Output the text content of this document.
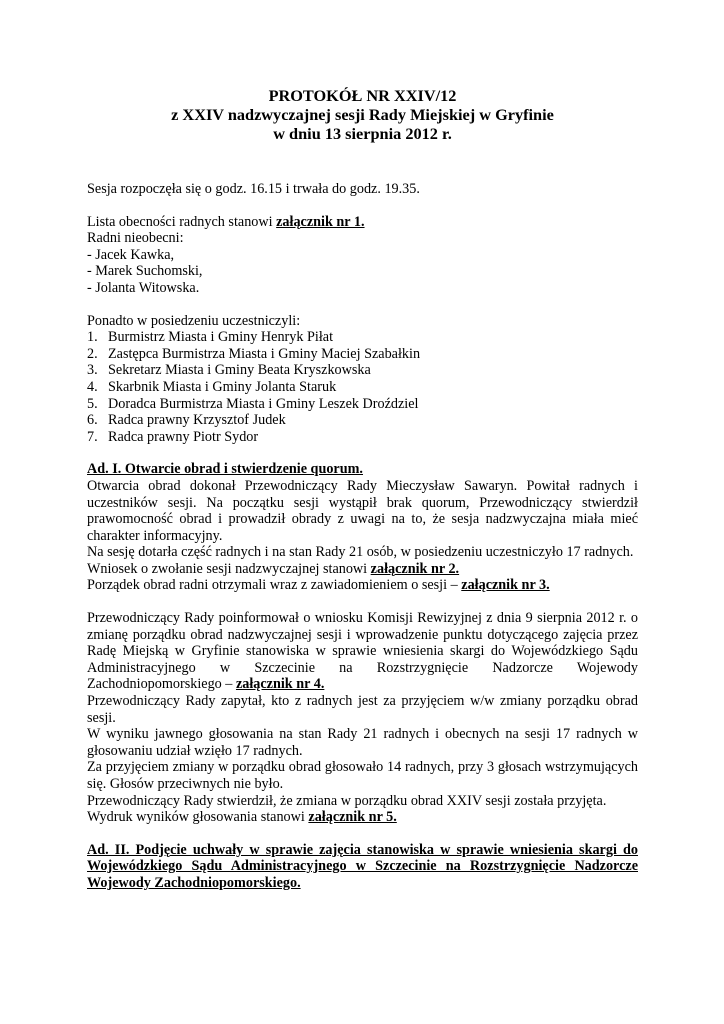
PROTOKÓŁ NR XXIV/12
z XXIV nadzwyczajnej sesji Rady Miejskiej w Gryfinie
w dniu 13 sierpnia 2012 r.

Sesja rozpoczęła się o godz. 16.15 i trwała do godz. 19.35.

Lista obecności radnych stanowi załącznik nr 1.

Radni nieobecni:

- Jacek Kawka,

- Marek Suchomski,

- Jolanta Witowska.

Ponadto w posiedzeniu uczestniczyli:

1. Burmistrz Miasta i Gminy Henryk Piłat
2. Zastępca Burmistrza Miasta i Gminy Maciej Szabałkin
3. Sekretarz Miasta i Gminy Beata Kryszkowska
4. Skarbnik Miasta i Gminy Jolanta Staruk
5. Doradca Burmistrza Miasta i Gminy Leszek Droździel
6. Radca prawny Krzysztof Judek
7. Radca prawny Piotr Sydor

Ad. I. Otwarcie obrad i stwierdzenie quorum.

Otwarcia obrad dokonał Przewodniczący Rady Mieczysław Sawaryn. Powitał radnych i uczestników sesji. Na początku sesji wystąpił brak quorum, Przewodniczący stwierdził prawomocność obrad i prowadził obrady z uwagi na to, że sesja nadzwyczajna miała mieć charakter informacyjny.

Na sesję dotarła część radnych i na stan Rady 21 osób, w posiedzeniu uczestniczyło 17 radnych.

Wniosek o zwołanie sesji nadzwyczajnej stanowi załącznik nr 2.

Porządek obrad radni otrzymali wraz z zawiadomieniem o sesji – załącznik nr 3.

Przewodniczący Rady poinformował o wniosku Komisji Rewizyjnej z dnia 9 sierpnia 2012 r. o zmianę porządku obrad nadzwyczajnej sesji i wprowadzenie punktu dotyczącego zajęcia przez Radę Miejską w Gryfinie stanowiska w sprawie wniesienia skargi do Wojewódzkiego Sądu Administracyjnego w Szczecinie na Rozstrzygnięcie Nadzorcze Wojewody Zachodniopomorskiego – załącznik nr 4.

Przewodniczący Rady zapytał, kto z radnych jest za przyjęciem w/w zmiany porządku obrad sesji.

W wyniku jawnego głosowania na stan Rady 21 radnych i obecnych na sesji 17 radnych w głosowaniu udział wzięło 17 radnych.

Za przyjęciem zmiany w porządku obrad głosowało 14 radnych, przy 3 głosach wstrzymujących się. Głosów przeciwnych nie było.

Przewodniczący Rady stwierdził, że zmiana w porządku obrad XXIV sesji została przyjęta.

Wydruk wyników głosowania stanowi załącznik nr 5.

Ad. II. Podjęcie uchwały w sprawie zajęcia stanowiska w sprawie wniesienia skargi do Wojewódzkiego Sądu Administracyjnego w Szczecinie na Rozstrzygnięcie Nadzorcze Wojewody Zachodniopomorskiego.
